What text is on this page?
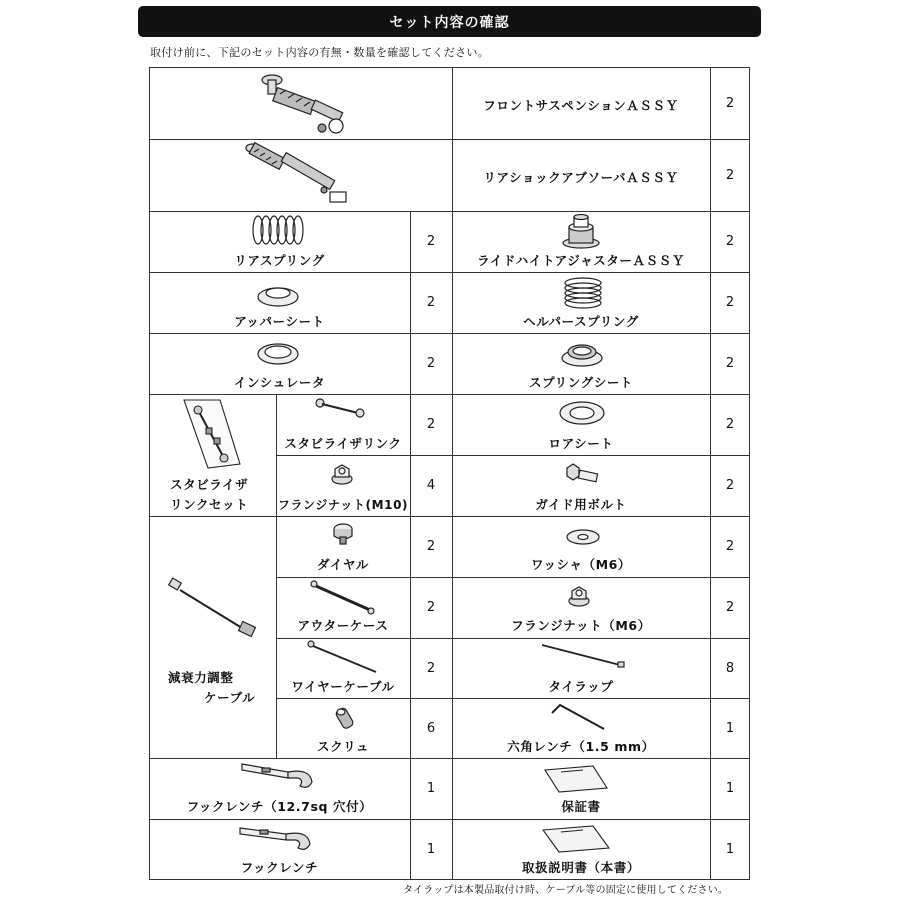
セット内容の確認
取付け前に、下記のセット内容の有無・数量を確認してください。
フロントサスペンションＡＳＳＹ	2
リアショックアブソーバＡＳＳＹ	2
リアスプリング
2
ライドハイトアジャスターＡＳＳＹ
2
アッパーシート
2
ヘルパースプリング
2
インシュレータ
2
スプリングシート
2
スタビライザ
リンクセット
スタビライザリンク
2
ロアシート
2
フランジナット(M10)
4
ガイド用ボルト
2
減衰力調整
ケーブル
ダイヤル
2
ワッシャ（M6）
2
アウターケース
2
フランジナット（M6）
2
ワイヤーケーブル
2
タイラップ
8
スクリュ
6
六角レンチ（1.5 mm）
1
フックレンチ（12.7sq 穴付）
1
保証書
1
フックレンチ
1
取扱説明書（本書）
1
タイラップは本製品取付け時、ケーブル等の固定に使用してください。
